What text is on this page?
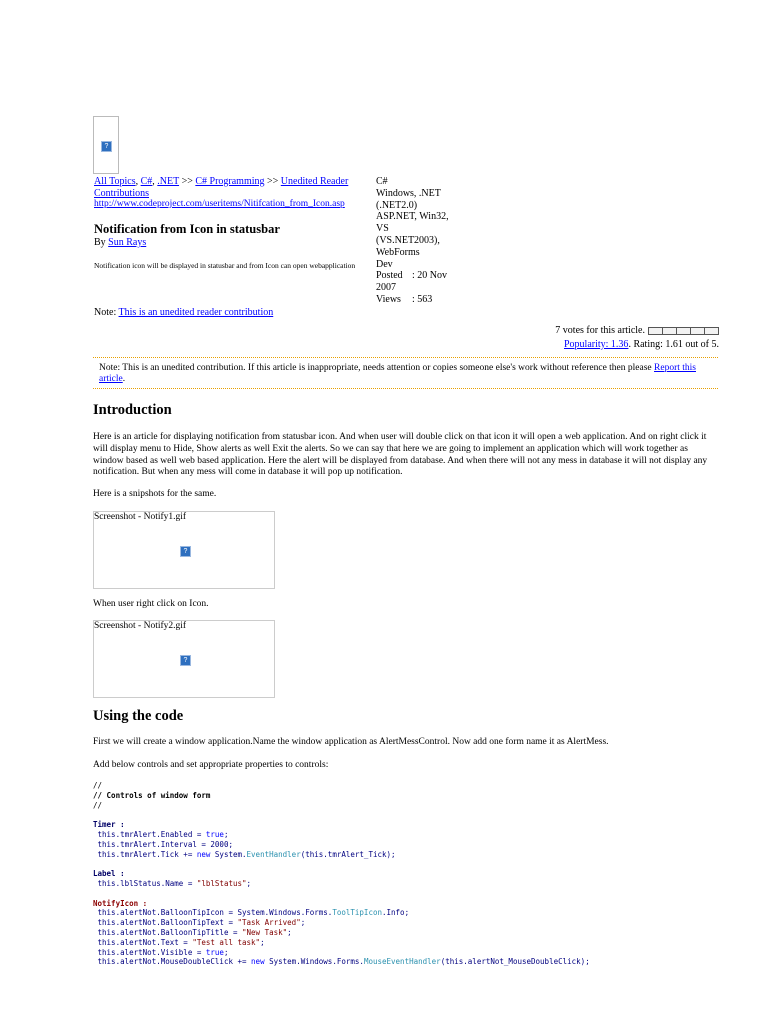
?
All Topics, C#, .NET >> C# Programming >> Unedited Reader Contributions
http://www.codeproject.com/useritems/Nitifcation_from_Icon.asp
C#
Windows, .NET
(.NET2.0)
ASP.NET, Win32,
VS
(VS.NET2003),
WebForms
Dev
Posted : 20 Nov
2007
Views	: 563
Notification from Icon in statusbar
By Sun Rays
Notification icon will be displayed in statusbar and from Icon can open webapplication
Note: This is an unedited reader contribution
7 votes for this article.
Popularity: 1.36. Rating: 1.61 out of 5.
Note: This is an unedited contribution. If this article is inappropriate, needs attention or copies someone else's work without reference then please Report this article.
Introduction
Here is an article for displaying notification from statusbar icon. And when user will double click on that icon it will open a web application. And on right click it will display menu to Hide, Show alerts as well Exit the alerts. So we can say that here we are going to implement an application which will work together as window based as well web based application. Here the alert will be displayed from database. And when there will not any mess in database it will not display any notification. But when any mess will come in database it will pop up notification.
Here is a snipshots for the same.
Screenshot - Notify1.gif
?
When user right click on Icon.
Screenshot - Notify2.gif
?
Using the code
First we will create a window application.Name the window application as AlertMessControl. Now add one form name it as AlertMess.
Add below controls and set appropriate properties to controls:
//
// Controls of window form
//

Timer :
this.tmrAlert.Enabled = true;
this.tmrAlert.Interval = 2000;
this.tmrAlert.Tick += new System.EventHandler(this.tmrAlert_Tick);

Label :
this.lblStatus.Name = "lblStatus";

NotifyIcon :
this.alertNot.BalloonTipIcon = System.Windows.Forms.ToolTipIcon.Info;
this.alertNot.BalloonTipText = "Task Arrived";
this.alertNot.BalloonTipTitle = "New Task";
this.alertNot.Text = "Test all task";
this.alertNot.Visible = true;
this.alertNot.MouseDoubleClick += new System.Windows.Forms.MouseEventHandler(this.alertNot_MouseDoubleClick);
